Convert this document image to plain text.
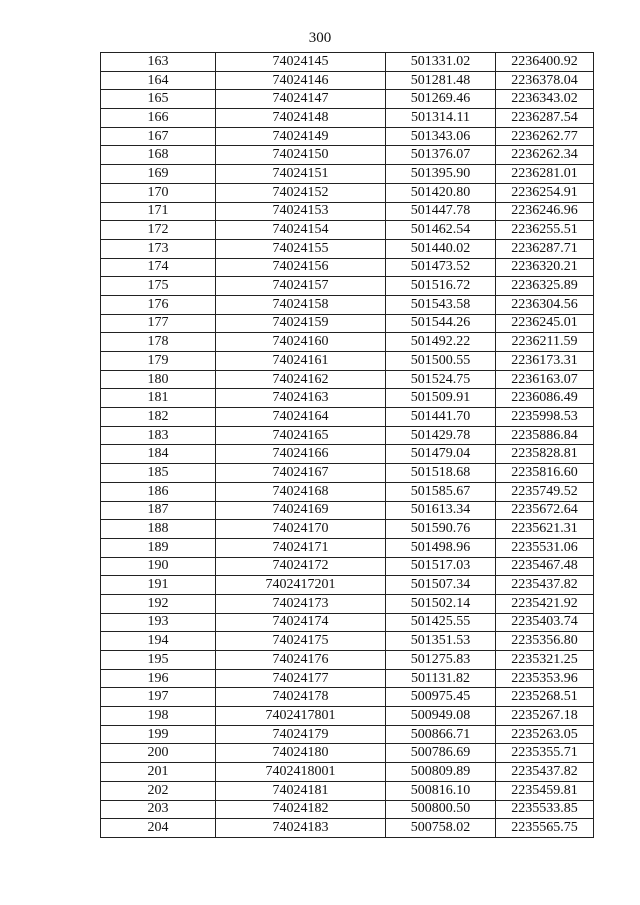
300
163	74024145	501331.02	2236400.92
164	74024146	501281.48	2236378.04
165	74024147	501269.46	2236343.02
166	74024148	501314.11	2236287.54
167	74024149	501343.06	2236262.77
168	74024150	501376.07	2236262.34
169	74024151	501395.90	2236281.01
170	74024152	501420.80	2236254.91
171	74024153	501447.78	2236246.96
172	74024154	501462.54	2236255.51
173	74024155	501440.02	2236287.71
174	74024156	501473.52	2236320.21
175	74024157	501516.72	2236325.89
176	74024158	501543.58	2236304.56
177	74024159	501544.26	2236245.01
178	74024160	501492.22	2236211.59
179	74024161	501500.55	2236173.31
180	74024162	501524.75	2236163.07
181	74024163	501509.91	2236086.49
182	74024164	501441.70	2235998.53
183	74024165	501429.78	2235886.84
184	74024166	501479.04	2235828.81
185	74024167	501518.68	2235816.60
186	74024168	501585.67	2235749.52
187	74024169	501613.34	2235672.64
188	74024170	501590.76	2235621.31
189	74024171	501498.96	2235531.06
190	74024172	501517.03	2235467.48
191	7402417201	501507.34	2235437.82
192	74024173	501502.14	2235421.92
193	74024174	501425.55	2235403.74
194	74024175	501351.53	2235356.80
195	74024176	501275.83	2235321.25
196	74024177	501131.82	2235353.96
197	74024178	500975.45	2235268.51
198	7402417801	500949.08	2235267.18
199	74024179	500866.71	2235263.05
200	74024180	500786.69	2235355.71
201	7402418001	500809.89	2235437.82
202	74024181	500816.10	2235459.81
203	74024182	500800.50	2235533.85
204	74024183	500758.02	2235565.75
